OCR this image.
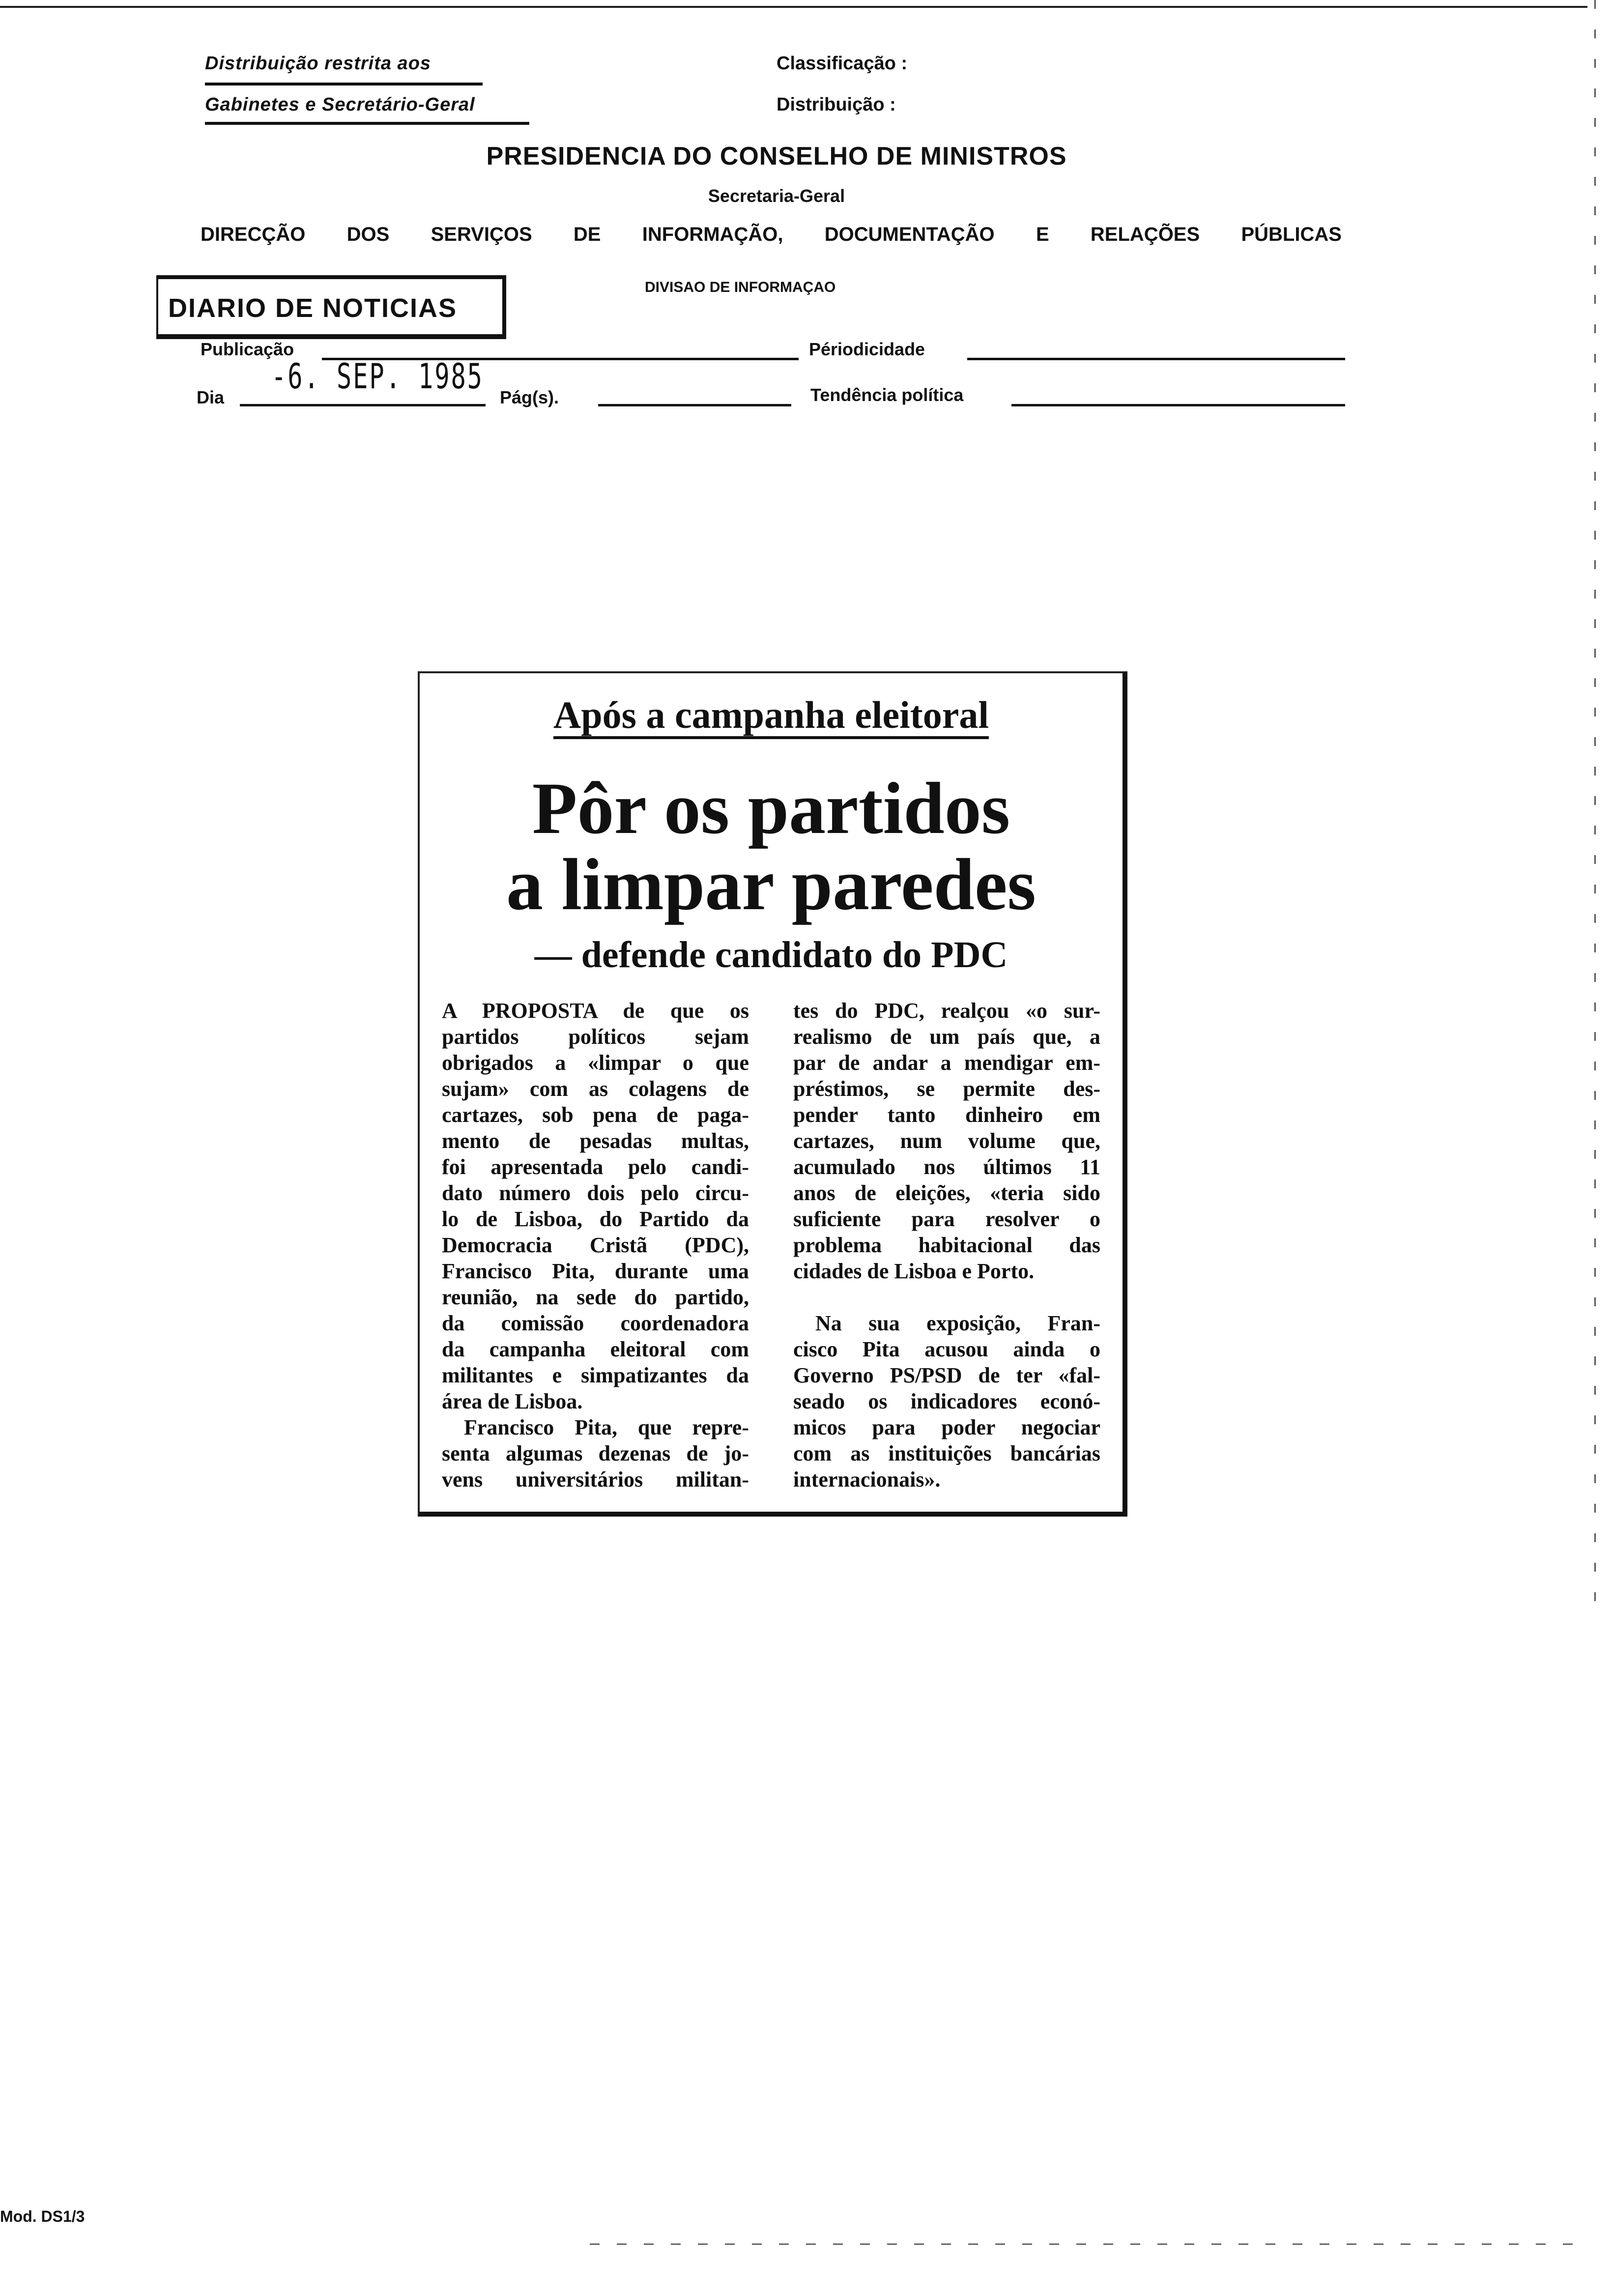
Distribuição restrita aos
Gabinetes e Secretário-Geral
Classificação :
Distribuição :
PRESIDENCIA DO CONSELHO DE MINISTROS
Secretaria-Geral
DIRECÇÃO DOS SERVIÇOS DE INFORMAÇÃO, DOCUMENTAÇÃO E RELAÇÕES PÚBLICAS
DIARIO DE NOTICIAS
DIVISAO DE INFORMAÇAO
Publicação	Périodicidade
Dia
-6. SEP. 1985
Pág(s).	Tendência política
Após a campanha eleitoral
Pôr os partidos
a limpar paredes
— defende candidato do PDC
A PROPOSTA de que os
partidos políticos sejam
obrigados a «limpar o que
sujam» com as colagens de
cartazes, sob pena de paga-
mento de pesadas multas,
foi apresentada pelo candi-
dato número dois pelo circu-
lo de Lisboa, do Partido da
Democracia Cristã (PDC),
Francisco Pita, durante uma
reunião, na sede do partido,
da comissão coordenadora
da campanha eleitoral com
militantes e simpatizantes da
área de Lisboa.
Francisco Pita, que repre-
senta algumas dezenas de jo-
vens universitários militan-
tes do PDC, realçou «o sur-
realismo de um país que, a
par de andar a mendigar em-
préstimos, se permite des-
pender tanto dinheiro em
cartazes, num volume que,
acumulado nos últimos 11
anos de eleições, «teria sido
suficiente para resolver o
problema habitacional das
cidades de Lisboa e Porto.
Na sua exposição, Fran-
cisco Pita acusou ainda o
Governo PS/PSD de ter «fal-
seado os indicadores econó-
micos para poder negociar
com as instituições bancárias
internacionais».
Mod. DS1/3
